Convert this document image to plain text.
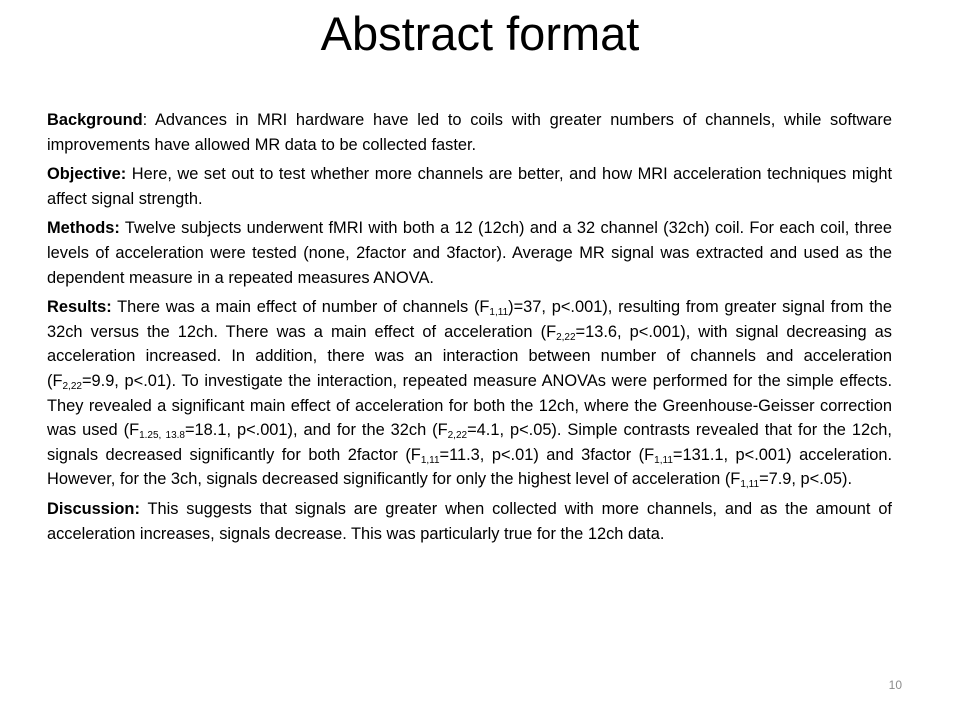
Abstract format

Background: Advances in MRI hardware have led to coils with greater numbers of channels, while software improvements have allowed MR data to be collected faster.

Objective: Here, we set out to test whether more channels are better, and how MRI acceleration techniques might affect signal strength.

Methods: Twelve subjects underwent fMRI with both a 12 (12ch) and a 32 channel (32ch) coil. For each coil, three levels of acceleration were tested (none, 2factor and 3factor). Average MR signal was extracted and used as the dependent measure in a repeated measures ANOVA.

Results: There was a main effect of number of channels $(F_{1,11})=37$, p<.001), resulting from greater signal from the 32ch versus the 12ch. There was a main effect of acceleration ($F_{2,22}=13.6$, p<.001), with signal decreasing as acceleration increased. In addition, there was an interaction between number of channels and acceleration ($F_{2,22}=9.9$, p<.01). To investigate the interaction, repeated measure ANOVAs were performed for the simple effects. They revealed a significant main effect of acceleration for both the 12ch, where the Greenhouse-Geisser correction was used ($F_{1.25, 13.8}=18.1$, p<.001), and for the 32ch ($F_{2,22}=4.1$, p<.05). Simple contrasts revealed that for the 12ch, signals decreased significantly for both 2factor ($F_{1,11}=11.3$, p<.01) and 3factor ($F_{1,11}=131.1$, p<.001) acceleration. However, for the 3ch, signals decreased significantly for only the highest level of acceleration ($F_{1,11}=7.9$, p<.05).

Discussion: This suggests that signals are greater when collected with more channels, and as the amount of acceleration increases, signals decrease. This was particularly true for the 12ch data.

10
